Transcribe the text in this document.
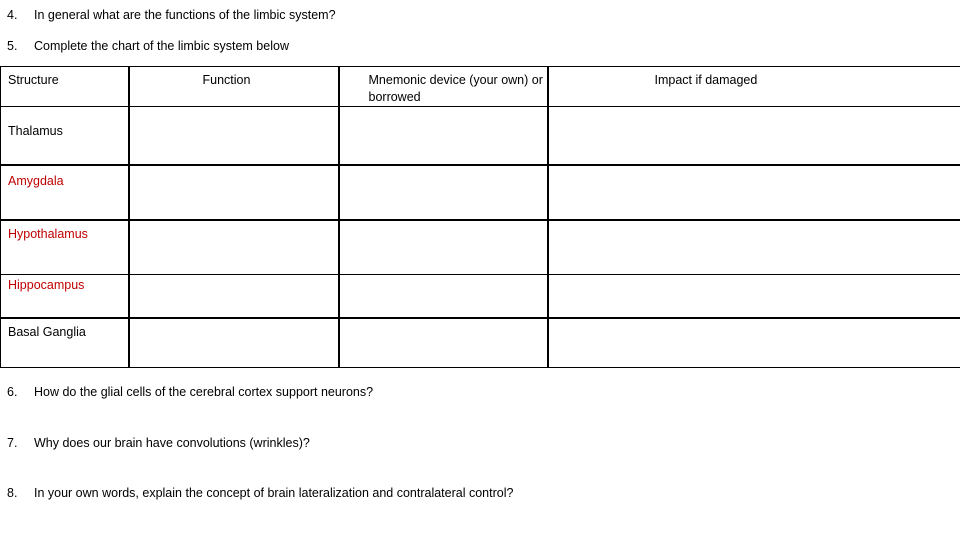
4. In general what are the functions of the limbic system?
5. Complete the chart of the limbic system below
Structure	Function	Mnemonic device (your own) or borrowed	Impact if damaged

Thalamus			

Amygdala			

Hypothalamus			

Hippocampus			

Basal Ganglia			

6. How do the glial cells of the cerebral cortex support neurons?
7. Why does our brain have convolutions (wrinkles)?
8. In your own words, explain the concept of brain lateralization and contralateral control?
